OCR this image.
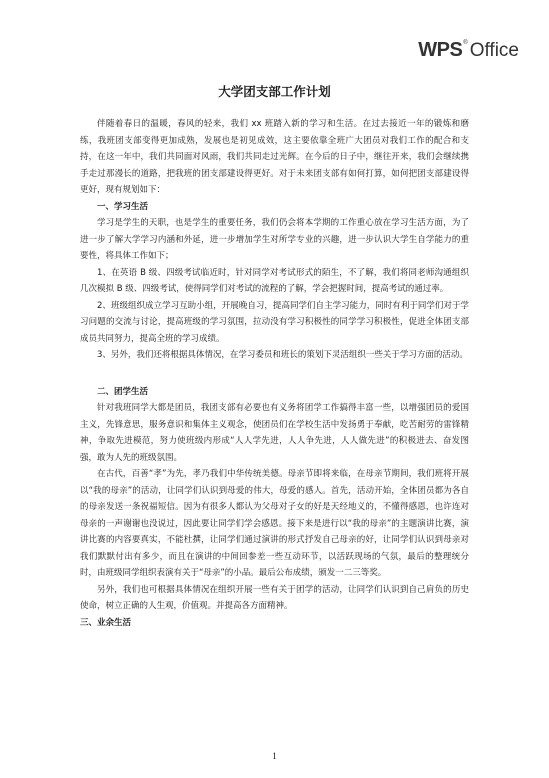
WPS ® Office

大学团支部工作计划

伴随着春日的温暖，春风的轻来，我们 xx 班踏入新的学习和生活。在过去接近一年的锻炼和磨练，我班团支部变得更加成熟，发展也是初见成效，这主要依靠全班广大团员对我们工作的配合和支持，在这一年中，我们共同面对风雨，我们共同走过光辉。在今后的日子中，继往开来，我们会继续携手走过那漫长的道路，把我班的团支部建设得更好。对于未来团支部有如何打算，如何把团支部建设得更好，现有规划如下：

一、学习生活

学习是学生的天职，也是学生的重要任务，我们仍会将本学期的工作重心放在学习生活方面，为了进一步了解大学学习内涵和外延，进一步增加学生对所学专业的兴趣，进一步认识大学生自学能力的重要性，将具体工作如下；

1、在英语 B 级、四级考试临近时，针对同学对考试形式的陌生，不了解，我们将同老师沟通组织几次模拟 B 级、四级考试，使得同学们对考试的流程的了解，学会把握时间，提高考试的通过率。

2、班级组织成立学习互助小组，开展晚自习，提高同学们自主学习能力，同时有利于同学们对于学习问题的交流与讨论，提高班级的学习氛围，拉动没有学习积极性的同学学习积极性，促进全体团支部成员共同努力，提高全班的学习成绩。

3、另外，我们还将根据具体情况，在学习委员和班长的策划下灵活组织一些关于学习方面的活动。

二、团学生活

针对我班同学大都是团员，我团支部有必要也有义务将团学工作搞得丰富一些，以增强团员的爱国主义，先锋意思，服务意识和集体主义观念，使团员们在学校生活中发扬勇于奉献，吃苦耐劳的雷锋精神，争取先进模范，努力使班级内形成“人人学先进，人人争先进，人人做先进”的积极进去、奋发图强，敢为人先的班级氛围。

在古代，百善“孝”为先，孝乃我们中华传统美德。母亲节即将来临，在母亲节期间，我们班将开展以“我的母亲”的活动，让同学们认识到母爱的伟大，母爱的感人。首先，活动开始，全体团员都为各自的母亲发送一条祝福短信。因为有很多人都认为父母对子女的好是天经地义的，不懂得感恩，也许连对母亲的一声谢谢也没说过，因此要让同学们学会感恩。接下来是进行以“我的母亲”的主题演讲比赛，演讲比赛的内容要真实，不能杜撰，让同学们通过演讲的形式抒发自己母亲的好，让同学们认识到母亲对我们默默付出有多少，而且在演讲的中间回参差一些互动环节，以活跃现场的气氛，最后的整理统分时，由班级同学组织表演有关于“母亲”的小品。最后公布成绩，颁发一二三等奖。

另外，我们也可根据具体情况在组织开展一些有关于团学的活动，让同学们认识到自己肩负的历史使命，树立正确的人生观，价值观。并提高各方面精神。

三、业余生活

1
